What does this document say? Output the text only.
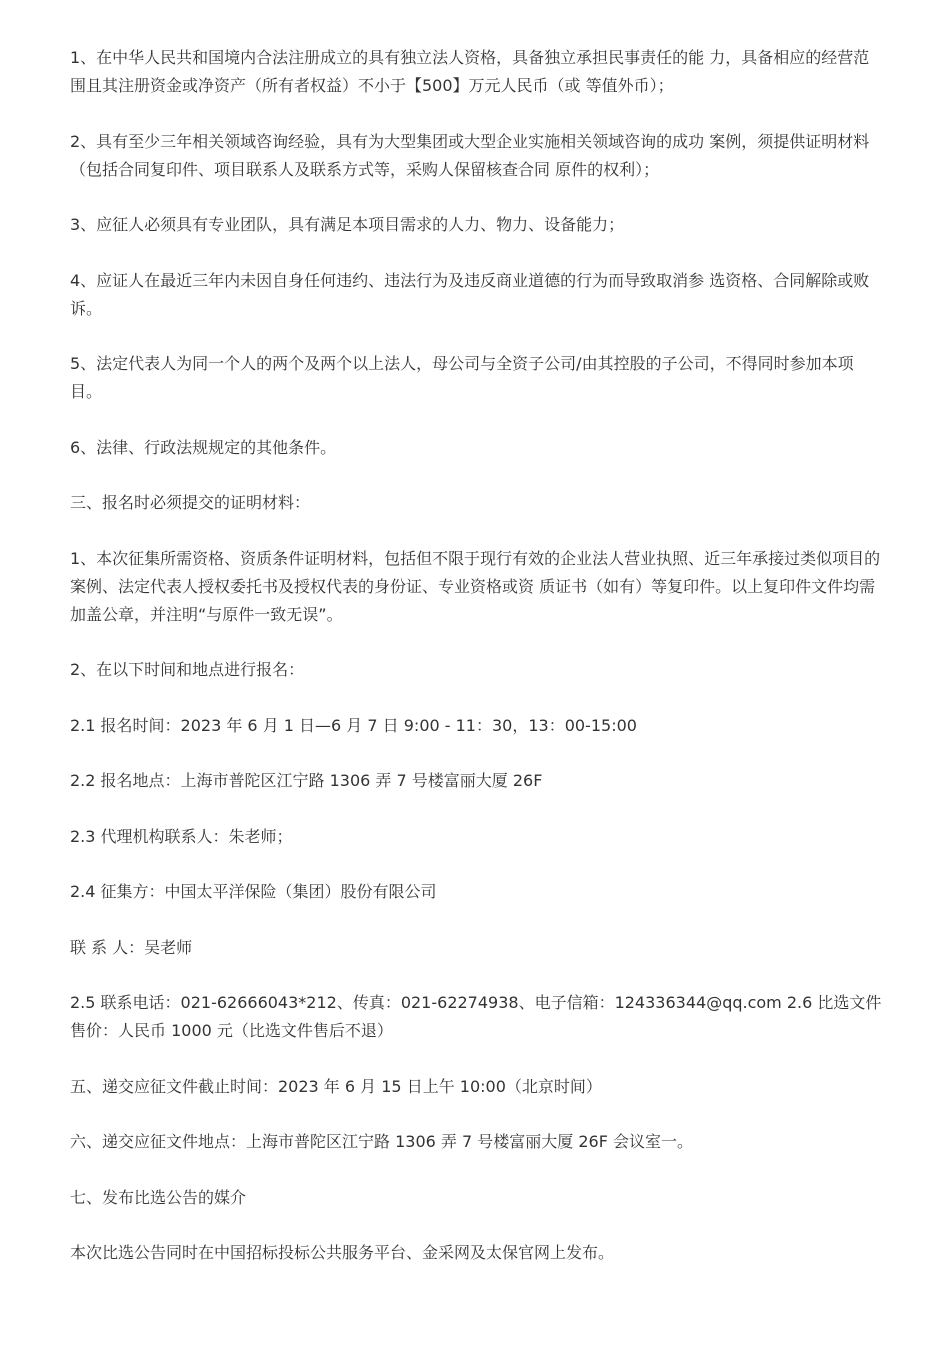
1、在中华人民共和国境内合法注册成立的具有独立法人资格，具备独立承担民事责任的能 力，具备相应的经营范围且其注册资金或净资产（所有者权益）不小于【500】万元人民币（或 等值外币）；

2、具有至少三年相关领域咨询经验，具有为大型集团或大型企业实施相关领域咨询的成功 案例，须提供证明材料（包括合同复印件、项目联系人及联系方式等，采购人保留核查合同 原件的权利）；

3、应征人必须具有专业团队，具有满足本项目需求的人力、物力、设备能力；

4、应证人在最近三年内未因自身任何违约、违法行为及违反商业道德的行为而导致取消参 选资格、合同解除或败诉。

5、法定代表人为同一个人的两个及两个以上法人，母公司与全资子公司/由其控股的子公司，不得同时参加本项目。

6、法律、行政法规规定的其他条件。

三、报名时必须提交的证明材料：

1、本次征集所需资格、资质条件证明材料，包括但不限于现行有效的企业法人营业执照、近三年承接过类似项目的案例、法定代表人授权委托书及授权代表的身份证、专业资格或资 质证书（如有）等复印件。以上复印件文件均需加盖公章，并注明“与原件一致无误”。

2、在以下时间和地点进行报名：

2.1 报名时间：2023 年 6 月 1 日—6 月 7 日 9:00 - 11：30，13：00-15:00

2.2 报名地点：上海市普陀区江宁路 1306 弄 7 号楼富丽大厦 26F

2.3 代理机构联系人：朱老师；

2.4 征集方：中国太平洋保险（集团）股份有限公司

联 系 人：吴老师

2.5 联系电话：021-62666043*212、传真：021-62274938、电子信箱：124336344@qq.com 2.6 比选文件售价：人民币 1000 元（比选文件售后不退）

五、递交应征文件截止时间：2023 年 6 月 15 日上午 10:00（北京时间）

六、递交应征文件地点：上海市普陀区江宁路 1306 弄 7 号楼富丽大厦 26F 会议室一。

七、发布比选公告的媒介

本次比选公告同时在中国招标投标公共服务平台、金采网及太保官网上发布。
